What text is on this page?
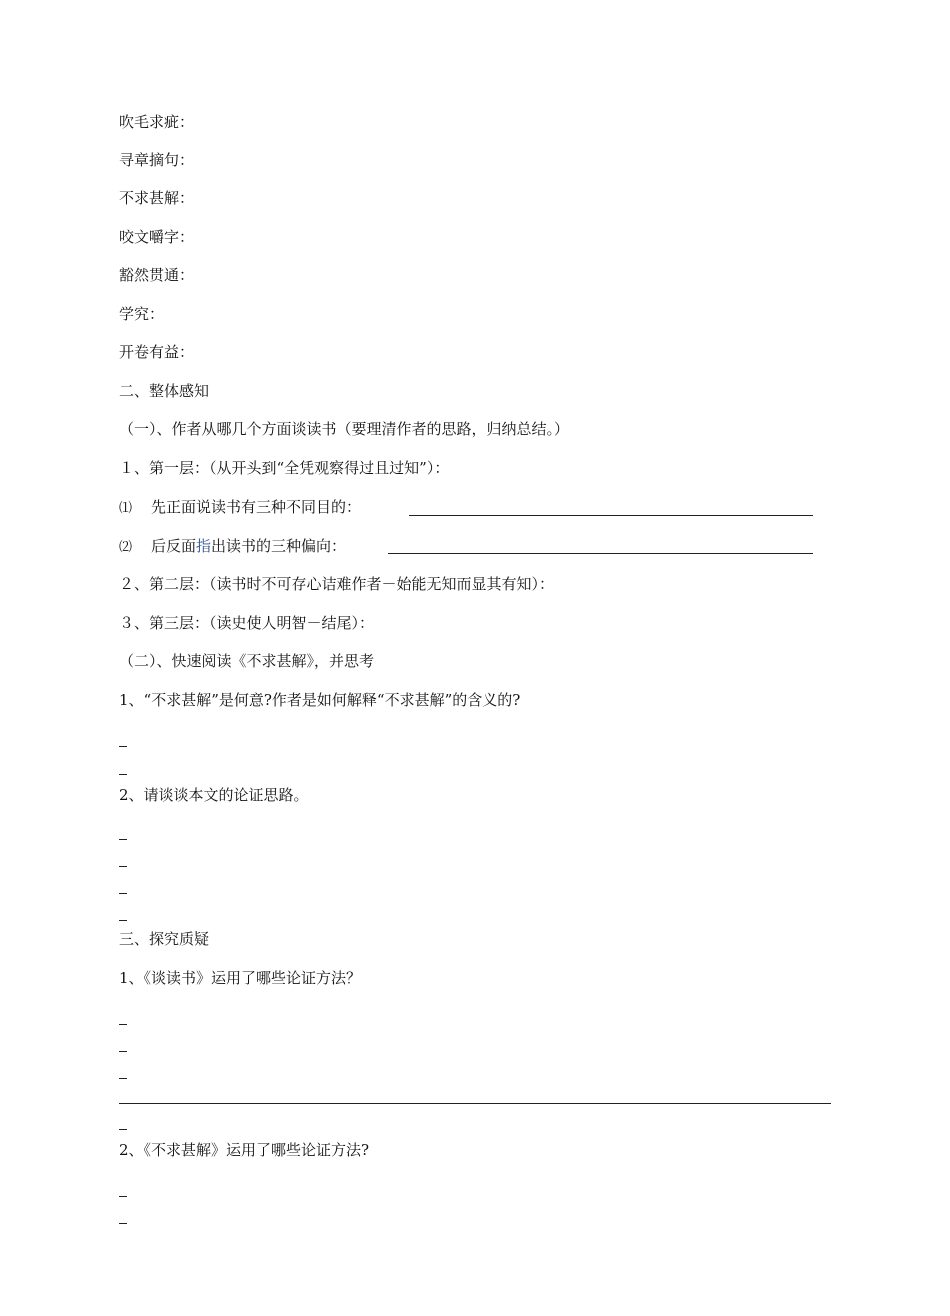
吹毛求疵：
寻章摘句：
不求甚解：
咬文嚼字：
豁然贯通：
学究：
开卷有益：
二、整体感知
（一）、作者从哪几个方面谈读书（要理清作者的思路，归纳总结。）
１、第一层：（从开头到“全凭观察得过且过知”）：
⑴ 先正面说读书有三种不同目的：
⑵ 后反面指出读书的三种偏向：
２、第二层：（读书时不可存心诘难作者－始能无知而显其有知）：
３、第三层：（读史使人明智－结尾）：
（二）、快速阅读《不求甚解》，并思考
1、“不求甚解”是何意?作者是如何解释“不求甚解”的含义的?
2、请谈谈本文的论证思路。
三、探究质疑
1、《谈读书》运用了哪些论证方法？
2、《不求甚解》运用了哪些论证方法?
